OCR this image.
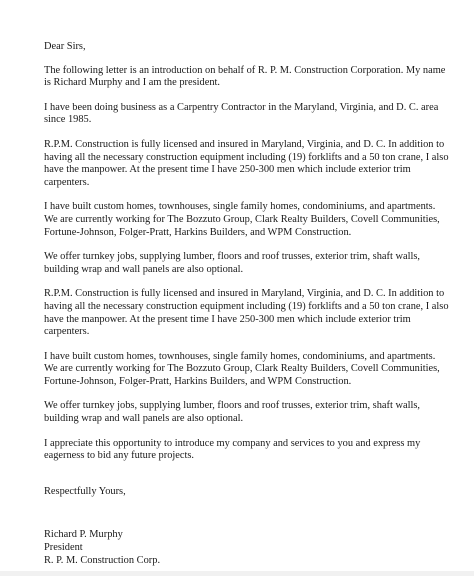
Dear Sirs,

The following letter is an introduction on behalf of R. P. M. Construction Corporation. My name
is Richard Murphy and I am the president.

I have been doing business as a Carpentry Contractor in the Maryland, Virginia, and D. C. area
since 1985.

R.P.M. Construction is fully licensed and insured in Maryland, Virginia, and D. C. In addition to
having all the necessary construction equipment including (19) forklifts and a 50 ton crane, I also
have the manpower. At the present time I have 250-300 men which include exterior trim
carpenters.

I have built custom homes, townhouses, single family homes, condominiums, and apartments.
We are currently working for The Bozzuto Group, Clark Realty Builders, Covell Communities,
Fortune-Johnson, Folger-Pratt, Harkins Builders, and WPM Construction.

We offer turnkey jobs, supplying lumber, floors and roof trusses, exterior trim, shaft walls,
building wrap and wall panels are also optional.

R.P.M. Construction is fully licensed and insured in Maryland, Virginia, and D. C. In addition to
having all the necessary construction equipment including (19) forklifts and a 50 ton crane, I also
have the manpower. At the present time I have 250-300 men which include exterior trim
carpenters.

I have built custom homes, townhouses, single family homes, condominiums, and apartments.
We are currently working for The Bozzuto Group, Clark Realty Builders, Covell Communities,
Fortune-Johnson, Folger-Pratt, Harkins Builders, and WPM Construction.

We offer turnkey jobs, supplying lumber, floors and roof trusses, exterior trim, shaft walls,
building wrap and wall panels are also optional.

I appreciate this opportunity to introduce my company and services to you and express my
eagerness to bid any future projects.

Respectfully Yours,

Richard P. Murphy
President
R. P. M. Construction Corp.
